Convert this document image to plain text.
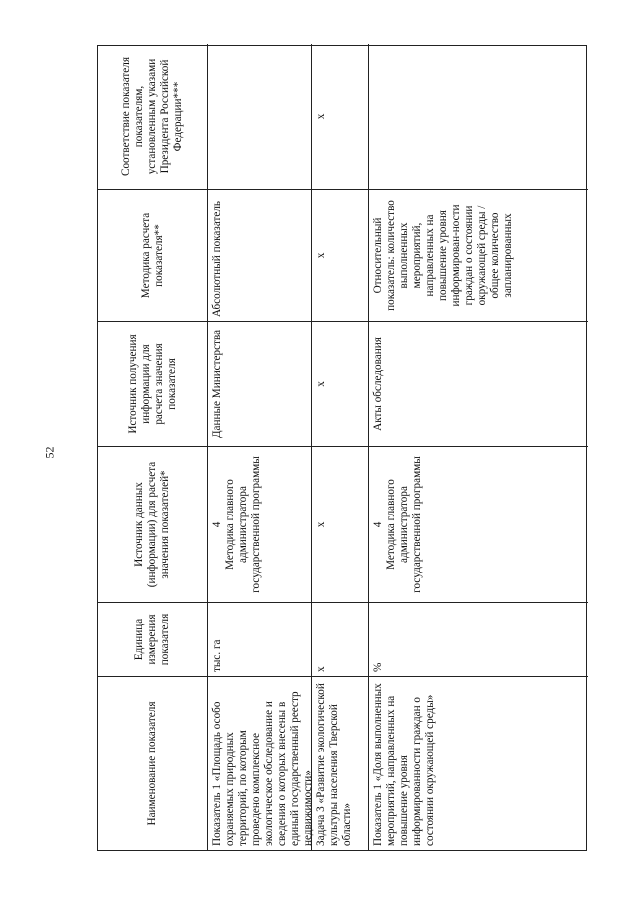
52
Наименование показателя
Единица измерения показателя
Источник данных (информации) для расчета значения показателей*
Источник получения информации для расчета значения показателя
Методика расчета показателя**
Соответствие показателя показателям, установленным указами Президента Российской Федерации***
Показатель 1 «Площадь особо охраняемых природных территорий, по которым проведено комплексное экологическое обследование и сведения о которых внесены в единый государственный реестр недвижимости»
тыс. га
4 Методика главного администратора государственной программы
Данные Министерства
Абсолютный показатель
Задача 3 «Развитие экологической культуры населения Тверской области»
х
х
х
х
х
Показатель 1 «Доля выполненных мероприятий, направленных на повышение уровня информированности граждан о состоянии окружающей среды»
%
4 Методика главного администратора государственной программы
Акты обследования
Относительный показатель: количество выполненных мероприятий, направленных на повышение уровня информирован-ности граждан о состоянии окружающей среды / общее количество запланированных
